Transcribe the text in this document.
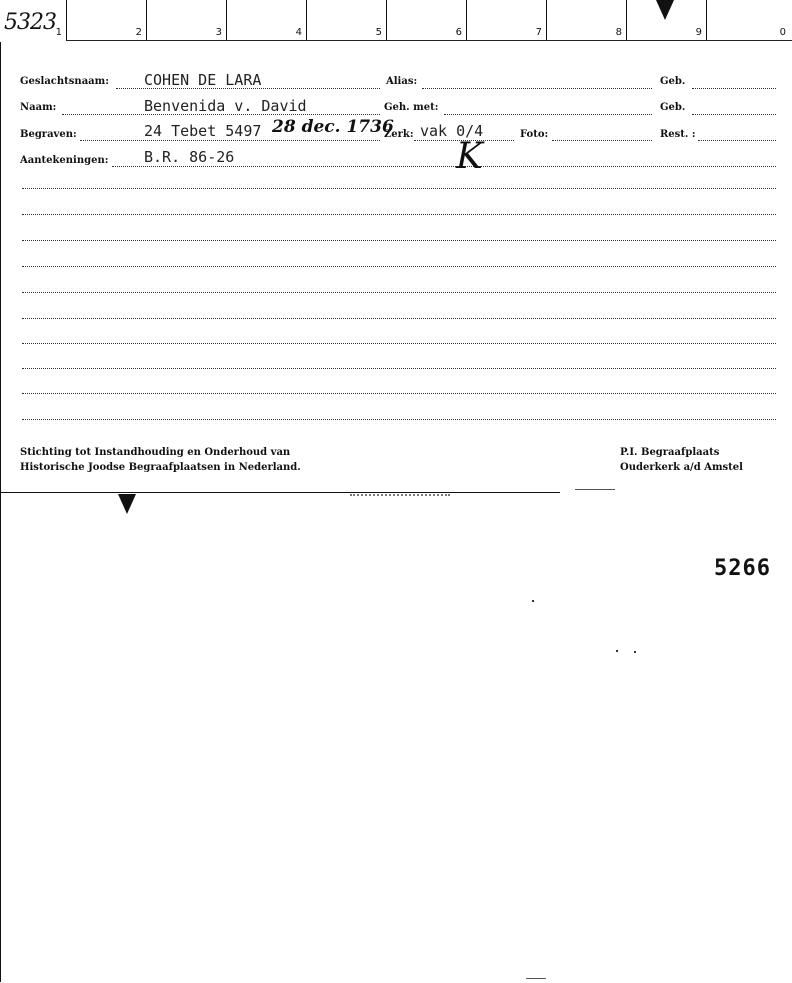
5323 1	2	3	4	5	6	7	8	9	0
Geslachtsnaam: COHEN DE LARA	Alias:	Geb.
Naam:	Benvenida v. David	Geh. met:	Geb.
Begraven:	24 Tebet 5497 28 dec. 1736
Zerk: vak 0/4	Foto:	Rest. :
Aantekeningen: B.R. 86-26	K
Stichting tot Instandhouding en Onderhoud van
Historische Joodse Begraafplaatsen in Nederland.
P.I. Begraafplaats
Ouderkerk a/d Amstel
5266
